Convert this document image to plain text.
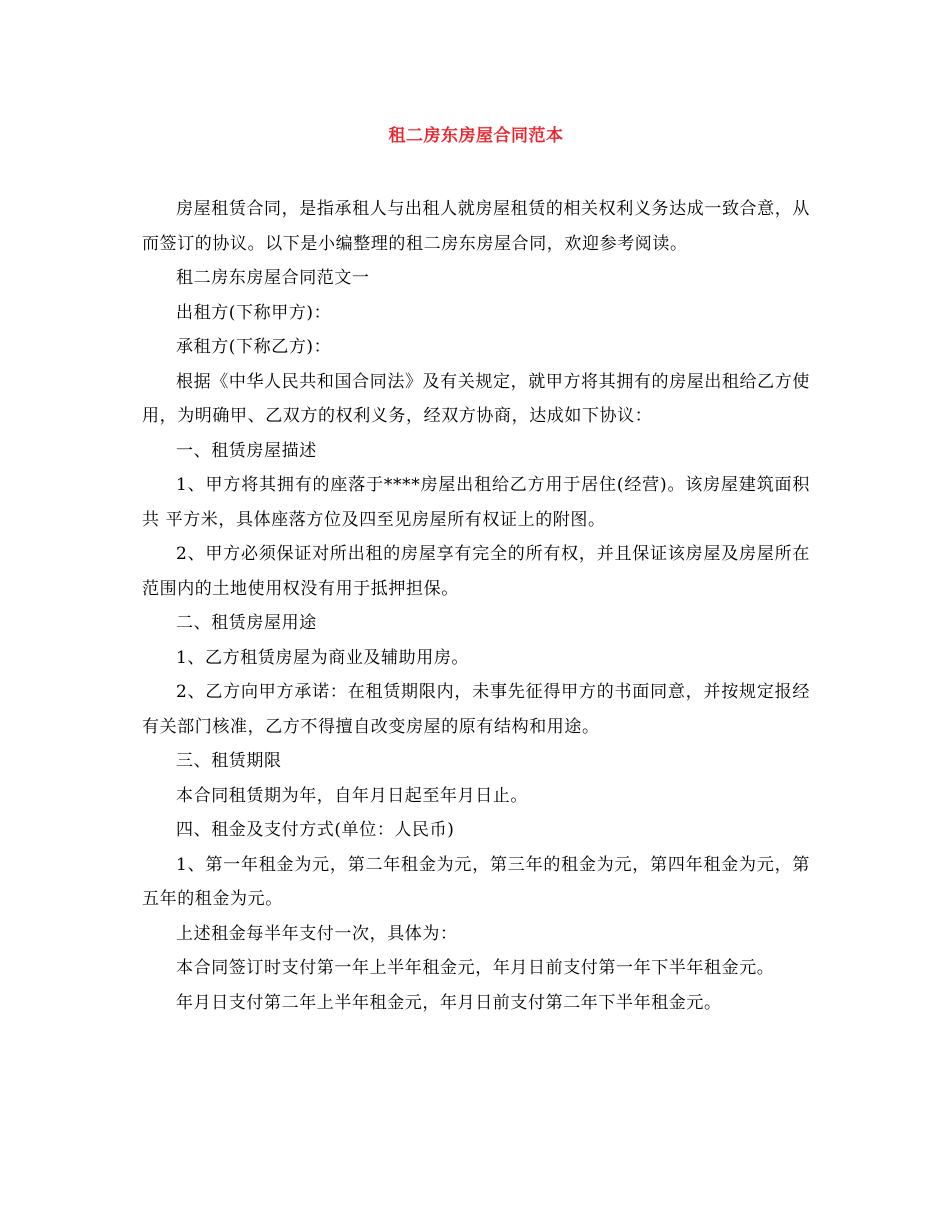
租二房东房屋合同范本

房屋租赁合同，是指承租人与出租人就房屋租赁的相关权利义务达成一致合意，从而签订的协议。以下是小编整理的租二房东房屋合同，欢迎参考阅读。

租二房东房屋合同范文一

出租方(下称甲方)：

承租方(下称乙方)：

根据《中华人民共和国合同法》及有关规定，就甲方将其拥有的房屋出租给乙方使用，为明确甲、乙双方的权利义务，经双方协商，达成如下协议：

一、租赁房屋描述

1、甲方将其拥有的座落于****房屋出租给乙方用于居住(经营)。该房屋建筑面积共 平方米，具体座落方位及四至见房屋所有权证上的附图。

2、甲方必须保证对所出租的房屋享有完全的所有权，并且保证该房屋及房屋所在范围内的土地使用权没有用于抵押担保。

二、租赁房屋用途

1、乙方租赁房屋为商业及辅助用房。

2、乙方向甲方承诺：在租赁期限内，未事先征得甲方的书面同意，并按规定报经有关部门核准，乙方不得擅自改变房屋的原有结构和用途。

三、租赁期限

本合同租赁期为年，自年月日起至年月日止。

四、租金及支付方式(单位：人民币)

1、第一年租金为元，第二年租金为元，第三年的租金为元，第四年租金为元，第五年的租金为元。

上述租金每半年支付一次，具体为：

本合同签订时支付第一年上半年租金元，年月日前支付第一年下半年租金元。

年月日支付第二年上半年租金元，年月日前支付第二年下半年租金元。
